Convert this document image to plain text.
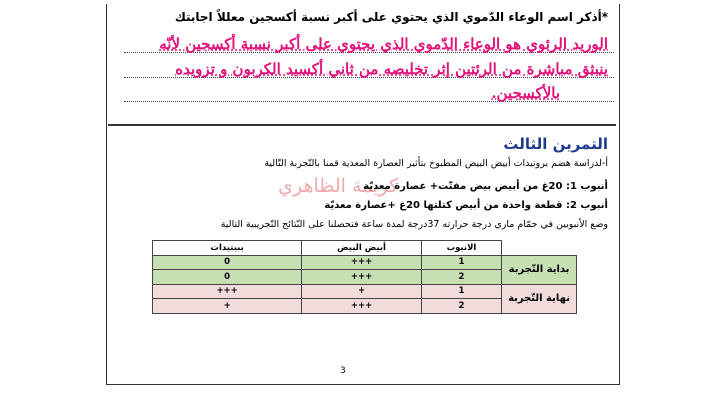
*أذكر اسم الوعاء الدّموي الذي يحتوي على أكبر نسبة أكسجين معللاً اجابتك
الوريد الرئوي هو الوعاء الدّموي الذي يحتوي على أكبر نسبة أكسجين لأنّه
ينبثق مباشرة من الرئتين إثر تخليصه من ثاني أكسيد الكربون و تزويده
بالأكسجين.
التمرين الثالث
أ-لدراسة هضم بروتيدات أبيض البيض المطبوخ بتأثير العصارة المعدية قمنا بالتّجربة التّالية
كريمة الظاهري
أنبوب 1: 20غ من أبيض بيض مفتّت+ عصارة معديّة
أنبوب 2: قطعة واحدة من أبيض كتلتها 20غ +عصارة معديّة
وضع الأنبوبين في حمّام ماري درجة حرارته 37درجة لمدة ساعة فتحصلنا على النّتائج التّجريبية التالية
ببيتيدات	أبيض البيض	الانبوب	
0	+++	1	بداية التّجربة
0	+++	2	
+++	+	1	نهاية التّجربة
+	+++	2	
3
